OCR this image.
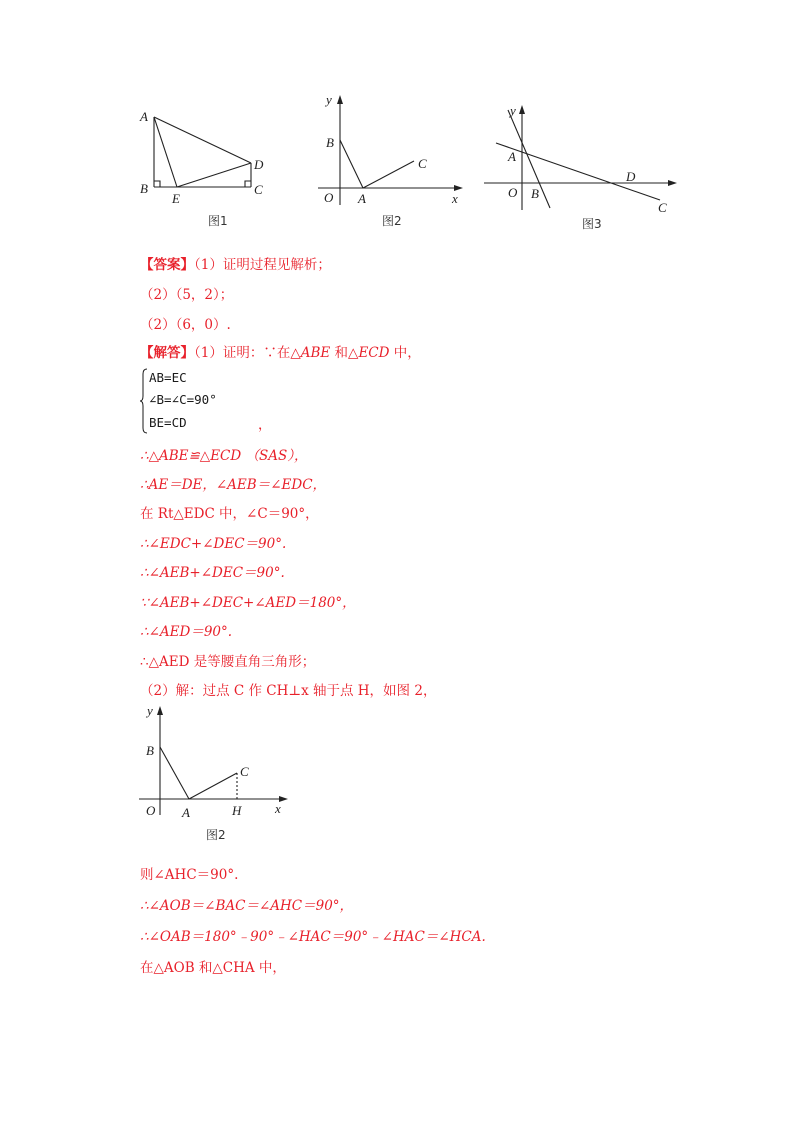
A
B
E
D
C
图1
y
B
C
O A	x
图2
y
A
O B
D
C
图3
【答案】（1）证明过程见解析；
（2）（5，2）；
（2）（6，0）.
【解答】（1）证明：∵在△ABE 和△ECD 中，
AB=EC
∠B=∠C=90°
BE=CD	，
∴△ABE≌△ECD （SAS），
∴AE＝DE，∠AEB＝∠EDC，
在 Rt△EDC 中，∠C＝90°，
∴∠EDC+∠DEC＝90°.
∴∠AEB+∠DEC＝90°.
∵∠AEB+∠DEC+∠AED＝180°，
∴∠AED＝90°.
∴△AED 是等腰直角三角形；
（2）解：过点 C 作 CH⊥x 轴于点 H，如图 2，
y
B
C
O A	H	x
图2
则∠AHC＝90°.
∴∠AOB＝∠BAC＝∠AHC＝90°，
∴∠OAB＝180°﹣90°﹣∠HAC＝90°﹣∠HAC＝∠HCA.
在△AOB 和△CHA 中，
